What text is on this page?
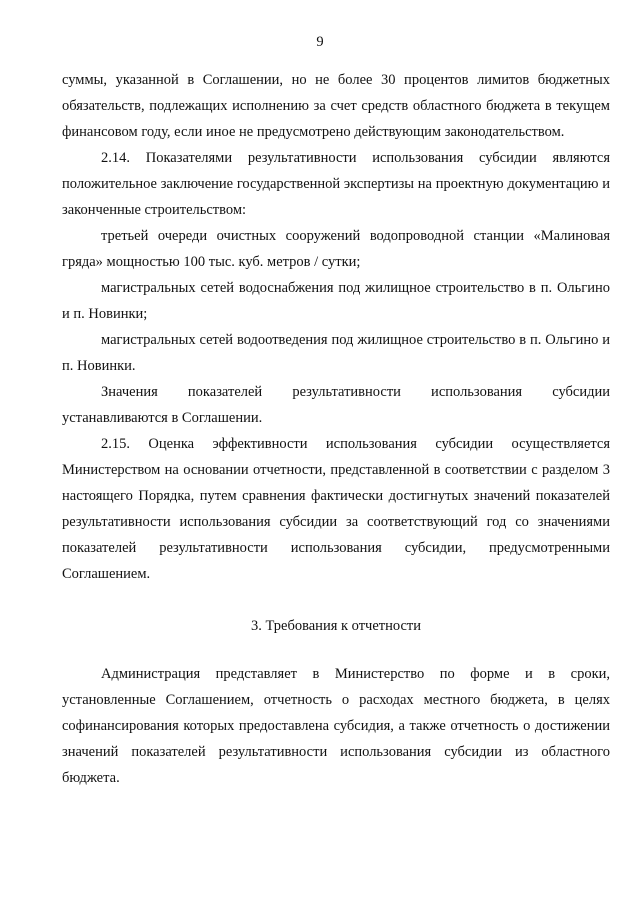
9

суммы, указанной в Соглашении, но не более 30 процентов лимитов бюджетных обязательств, подлежащих исполнению за счет средств областного бюджета в текущем финансовом году, если иное не предусмотрено действующим законодательством.

2.14. Показателями результативности использования субсидии являются положительное заключение государственной экспертизы на проектную документацию и законченные строительством:

третьей очереди очистных сооружений водопроводной станции «Малиновая гряда» мощностью 100 тыс. куб. метров / сутки;

магистральных сетей водоснабжения под жилищное строительство в п. Ольгино и п. Новинки;

магистральных сетей водоотведения под жилищное строительство в п. Ольгино и п. Новинки.

Значения показателей результативности использования субсидии устанавливаются в Соглашении.

2.15. Оценка эффективности использования субсидии осуществляется Министерством на основании отчетности, представленной в соответствии с разделом 3 настоящего Порядка, путем сравнения фактически достигнутых значений показателей результативности использования субсидии за соответствующий год со значениями показателей результативности использования субсидии, предусмотренными Соглашением.

3. Требования к отчетности

Администрация представляет в Министерство по форме и в сроки, установленные Соглашением, отчетность о расходах местного бюджета, в целях софинансирования которых предоставлена субсидия, а также отчетность о достижении значений показателей результативности использования субсидии из областного бюджета.
